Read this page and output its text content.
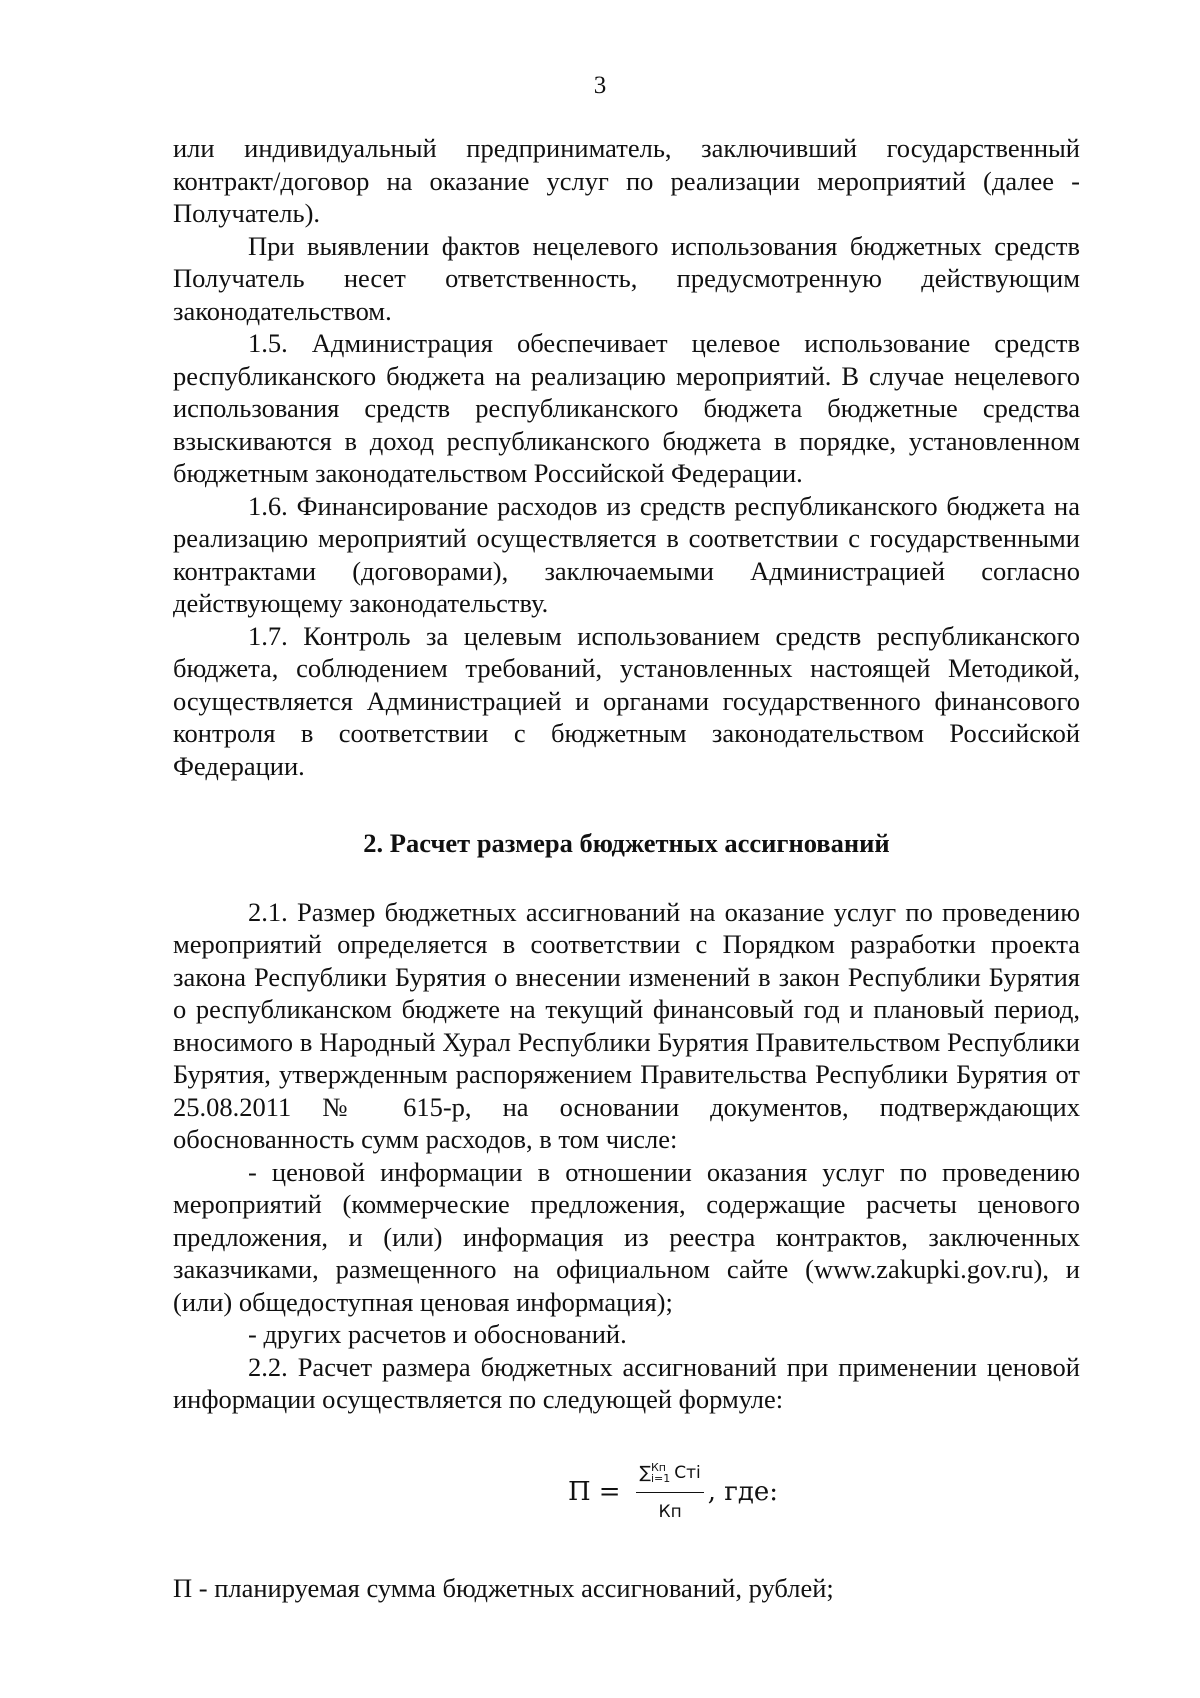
3

или индивидуальный предприниматель, заключивший государственный контракт/договор на оказание услуг по реализации мероприятий (далее - Получатель).

При выявлении фактов нецелевого использования бюджетных средств Получатель несет ответственность, предусмотренную действующим законодательством.

1.5. Администрация обеспечивает целевое использование средств республиканского бюджета на реализацию мероприятий. В случае нецелевого использования средств республиканского бюджета бюджетные средства взыскиваются в доход республиканского бюджета в порядке, установленном бюджетным законодательством Российской Федерации.

1.6. Финансирование расходов из средств республиканского бюджета на реализацию мероприятий осуществляется в соответствии с государственными контрактами (договорами), заключаемыми Администрацией согласно действующему законодательству.

1.7. Контроль за целевым использованием средств республиканского бюджета, соблюдением требований, установленных настоящей Методикой, осуществляется Администрацией и органами государственного финансового контроля в соответствии с бюджетным законодательством Российской Федерации.

2. Расчет размера бюджетных ассигнований

2.1. Размер бюджетных ассигнований на оказание услуг по проведению мероприятий определяется в соответствии с Порядком разработки проекта закона Республики Бурятия о внесении изменений в закон Республики Бурятия о республиканском бюджете на текущий финансовый год и плановый период, вносимого в Народный Хурал Республики Бурятия Правительством Республики Бурятия, утвержденным распоряжением Правительства Республики Бурятия от 25.08.2011 № 615-р, на основании документов, подтверждающих обоснованность сумм расходов, в том числе:

- ценовой информации в отношении оказания услуг по проведению мероприятий (коммерческие предложения, содержащие расчеты ценового предложения, и (или) информация из реестра контрактов, заключенных заказчиками, размещенного на официальном сайте (www.zakupki.gov.ru), и (или) общедоступная ценовая информация);

- других расчетов и обоснований.

2.2. Расчет размера бюджетных ассигнований при применении ценовой информации осуществляется по следующей формуле:

П = ∑ Кп
i=1 Стi
Кп , где:

П - планируемая сумма бюджетных ассигнований, рублей;
